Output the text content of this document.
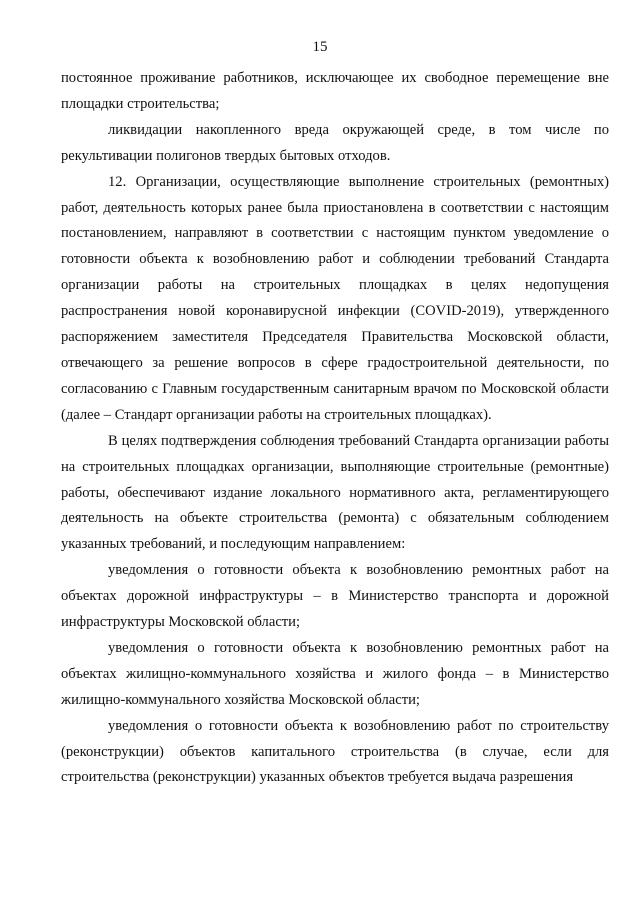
15

постоянное проживание работников, исключающее их свободное перемещение вне площадки строительства;

ликвидации накопленного вреда окружающей среде, в том числе по рекультивации полигонов твердых бытовых отходов.

12. Организации, осуществляющие выполнение строительных (ремонтных) работ, деятельность которых ранее была приостановлена в соответствии с настоящим постановлением, направляют в соответствии с настоящим пунктом уведомление о готовности объекта к возобновлению работ и соблюдении требований Стандарта организации работы на строительных площадках в целях недопущения распространения новой коронавирусной инфекции (COVID-2019), утвержденного распоряжением заместителя Председателя Правительства Московской области, отвечающего за решение вопросов в сфере градостроительной деятельности, по согласованию с Главным государственным санитарным врачом по Московской области (далее – Стандарт организации работы на строительных площадках).

В целях подтверждения соблюдения требований Стандарта организации работы на строительных площадках организации, выполняющие строительные (ремонтные) работы, обеспечивают издание локального нормативного акта, регламентирующего деятельность на объекте строительства (ремонта) с обязательным соблюдением указанных требований, и последующим направлением:

уведомления о готовности объекта к возобновлению ремонтных работ на объектах дорожной инфраструктуры – в Министерство транспорта и дорожной инфраструктуры Московской области;

уведомления о готовности объекта к возобновлению ремонтных работ на объектах жилищно-коммунального хозяйства и жилого фонда – в Министерство жилищно-коммунального хозяйства Московской области;

уведомления о готовности объекта к возобновлению работ по строительству (реконструкции) объектов капитального строительства (в случае, если для строительства (реконструкции) указанных объектов требуется выдача разрешения
